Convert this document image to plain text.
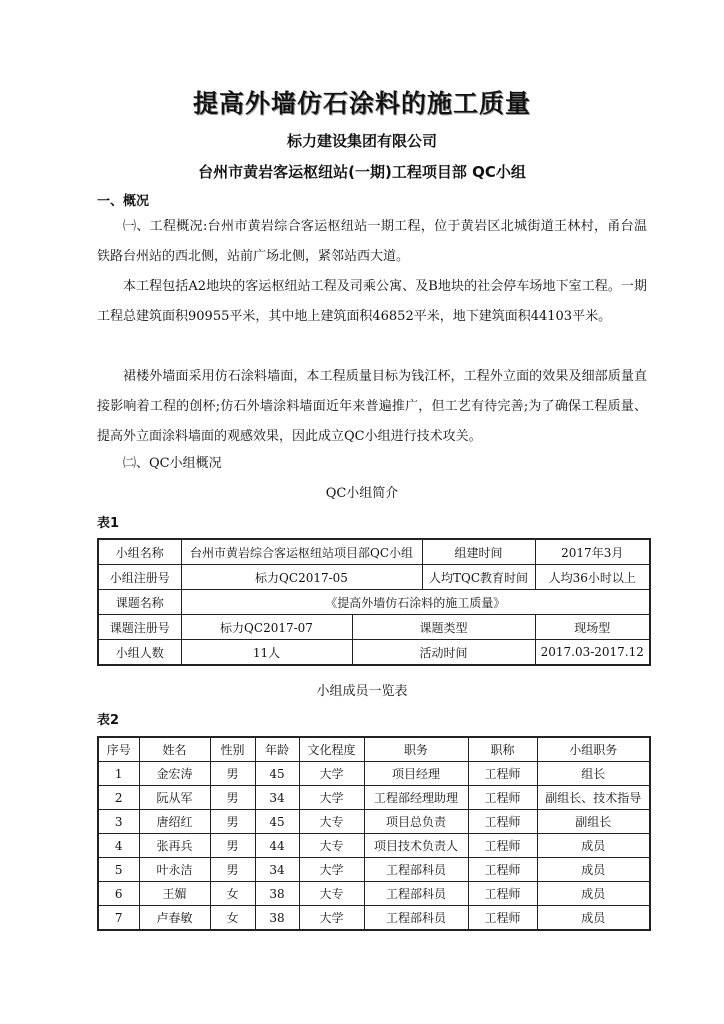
提高外墙仿石涂料的施工质量
标力建设集团有限公司
台州市黄岩客运枢纽站(一期)工程项目部 QC小组
一、概况

㈠、工程概况:台州市黄岩综合客运枢纽站一期工程，位于黄岩区北城街道王林村，甬台温铁路台州站的西北侧，站前广场北侧，紧邻站西大道。

本工程包括A2地块的客运枢纽站工程及司乘公寓、及B地块的社会停车场地下室工程。一期工程总建筑面积90955平米，其中地上建筑面积46852平米，地下建筑面积44103平米。

裙楼外墙面采用仿石涂料墙面，本工程质量目标为钱江杯，工程外立面的效果及细部质量直接影响着工程的创杯;仿石外墙涂料墙面近年来普遍推广，但工艺有待完善;为了确保工程质量、提高外立面涂料墙面的观感效果，因此成立QC小组进行技术攻关。

㈡、QC小组概况
QC小组简介
表1
小组名称	台州市黄岩综合客运枢纽站项目部QC小组		组建时间	2017年3月
小组注册号	标力QC2017-05		人均TQC教育时间	人均36小时以上
课题名称	《提高外墙仿石涂料的施工质量》			
课题注册号	标力QC2017-07	课题类型		现场型
小组人数	11人	活动时间		2017.03-2017.12
小组成员一览表
表2
序号	姓名	性别	年龄	文化程度	职务	职称	小组职务
1	金宏涛	男	45	大学	项目经理	工程师	组长
2	阮从军	男	34	大学	工程部经理助理	工程师	副组长、技术指导
3	唐绍红	男	45	大专	项目总负责	工程师	副组长
4	张再兵	男	44	大专	项目技术负责人	工程师	成员
5	叶永洁	男	34	大学	工程部科员	工程师	成员
6	王媚	女	38	大专	工程部科员	工程师	成员
7	卢春敏	女	38	大学	工程部科员	工程师	成员
